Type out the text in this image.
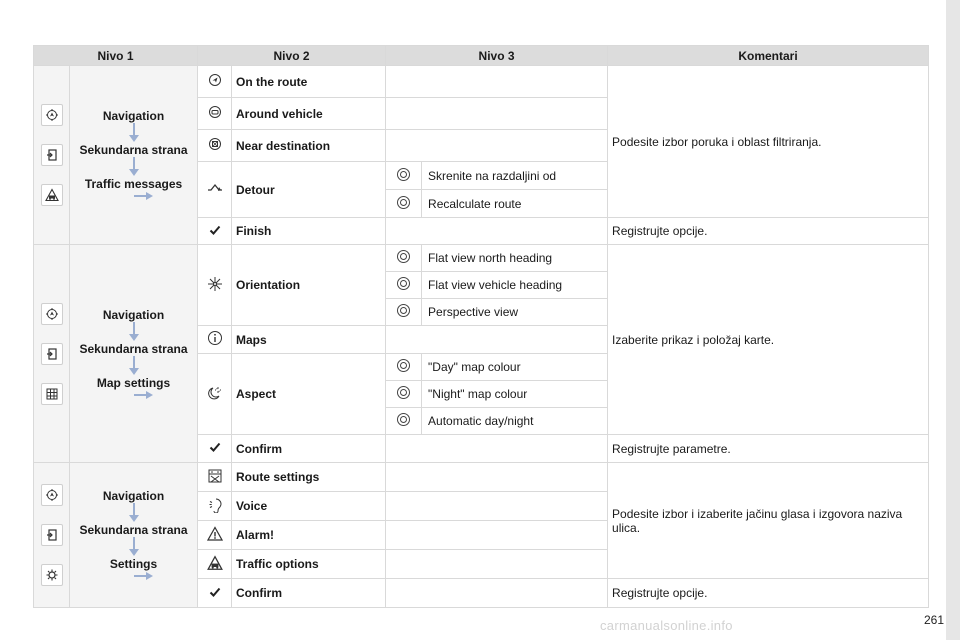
Nivo 1		Nivo 2		Nivo 3		Komentari

Navigation
Sekundarna strana
Traffic messages		On the route			Podesite izbor poruka i oblast filtriranja.
	Around vehicle			
	Near destination			
	Detour		Skrenite na razdaljini od	
					Recalculate route	
	Finish			Registrujte opcije.

Navigation
Sekundarna strana
Map settings		Orientation		Flat view north heading	Izaberite prikaz i položaj karte.
					Flat view vehicle heading	
					Perspective view	
	Maps			
	Aspect		"Day" map colour	
					"Night" map colour	
					Automatic day/night	
	Confirm			Registrujte parametre.

Navigation
Sekundarna strana
Settings		Route settings			Podesite izbor i izaberite jačinu glasa i izgovora naziva ulica.
	Voice			
	Alarm!			
	Traffic options			
	Confirm			Registrujte opcije.
261
carmanualsonline.info
